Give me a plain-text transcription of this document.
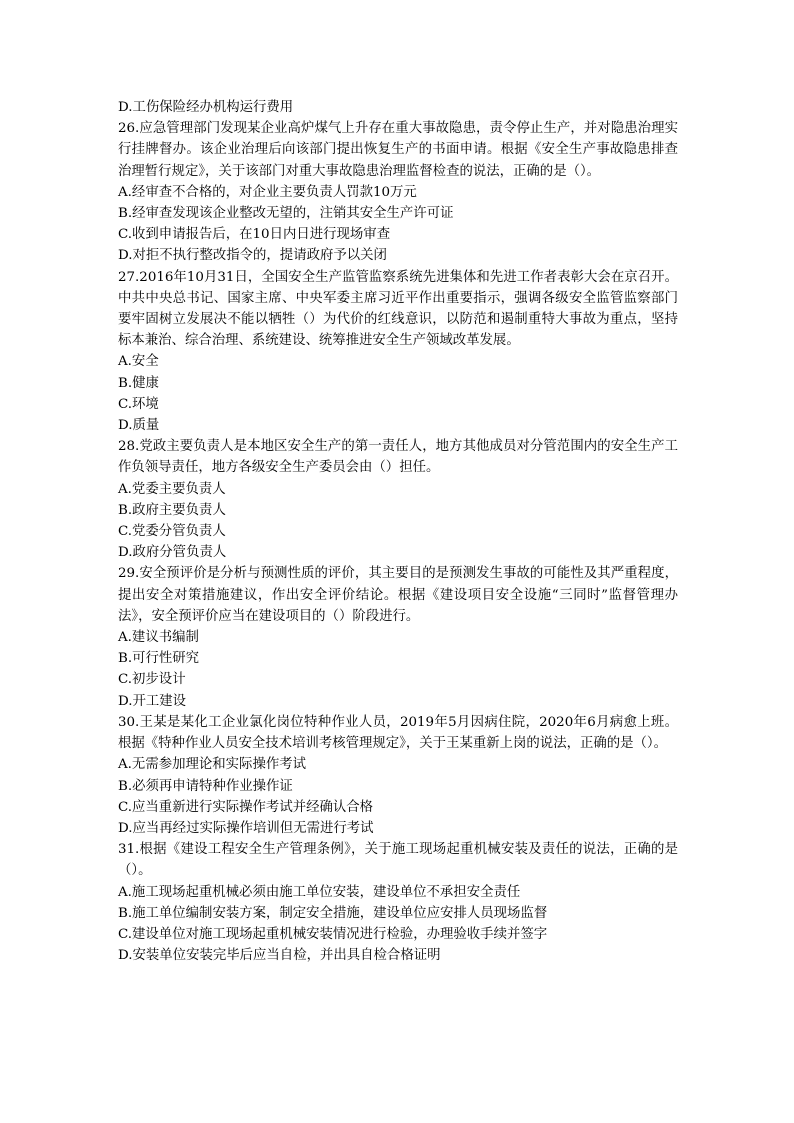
D.工伤保险经办机构运行费用
26.应急管理部门发现某企业高炉煤气上升存在重大事故隐患，责令停止生产，并对隐患治理实行挂牌督办。该企业治理后向该部门提出恢复生产的书面申请。根据《安全生产事故隐患排查治理暂行规定》，关于该部门对重大事故隐患治理监督检查的说法，正确的是（）。
A.经审查不合格的，对企业主要负责人罚款10万元
B.经审查发现该企业整改无望的，注销其安全生产许可证
C.收到申请报告后，在10日内日进行现场审查
D.对拒不执行整改指令的，提请政府予以关闭
27.2016年10月31日，全国安全生产监管监察系统先进集体和先进工作者表彰大会在京召开。中共中央总书记、国家主席、中央军委主席习近平作出重要指示，强调各级安全监管监察部门要牢固树立发展决不能以牺牲（）为代价的红线意识，以防范和遏制重特大事故为重点，坚持标本兼治、综合治理、系统建设、统筹推进安全生产领域改革发展。
A.安全
B.健康
C.环境
D.质量
28.党政主要负责人是本地区安全生产的第一责任人，地方其他成员对分管范围内的安全生产工作负领导责任，地方各级安全生产委员会由（）担任。
A.党委主要负责人
B.政府主要负责人
C.党委分管负责人
D.政府分管负责人
29.安全预评价是分析与预测性质的评价，其主要目的是预测发生事故的可能性及其严重程度，提出安全对策措施建议，作出安全评价结论。根据《建设项目安全设施“三同时”监督管理办法》，安全预评价应当在建设项目的（）阶段进行。
A.建议书编制
B.可行性研究
C.初步设计
D.开工建设
30.王某是某化工企业氯化岗位特种作业人员，2019年5月因病住院，2020年6月病愈上班。根据《特种作业人员安全技术培训考核管理规定》，关于王某重新上岗的说法，正确的是（）。
A.无需参加理论和实际操作考试
B.必须再申请特种作业操作证
C.应当重新进行实际操作考试并经确认合格
D.应当再经过实际操作培训但无需进行考试
31.根据《建设工程安全生产管理条例》，关于施工现场起重机械安装及责任的说法，正确的是（）。
A.施工现场起重机械必须由施工单位安装，建设单位不承担安全责任
B.施工单位编制安装方案，制定安全措施，建设单位应安排人员现场监督
C.建设单位对施工现场起重机械安装情况进行检验，办理验收手续并签字
D.安装单位安装完毕后应当自检，并出具自检合格证明
